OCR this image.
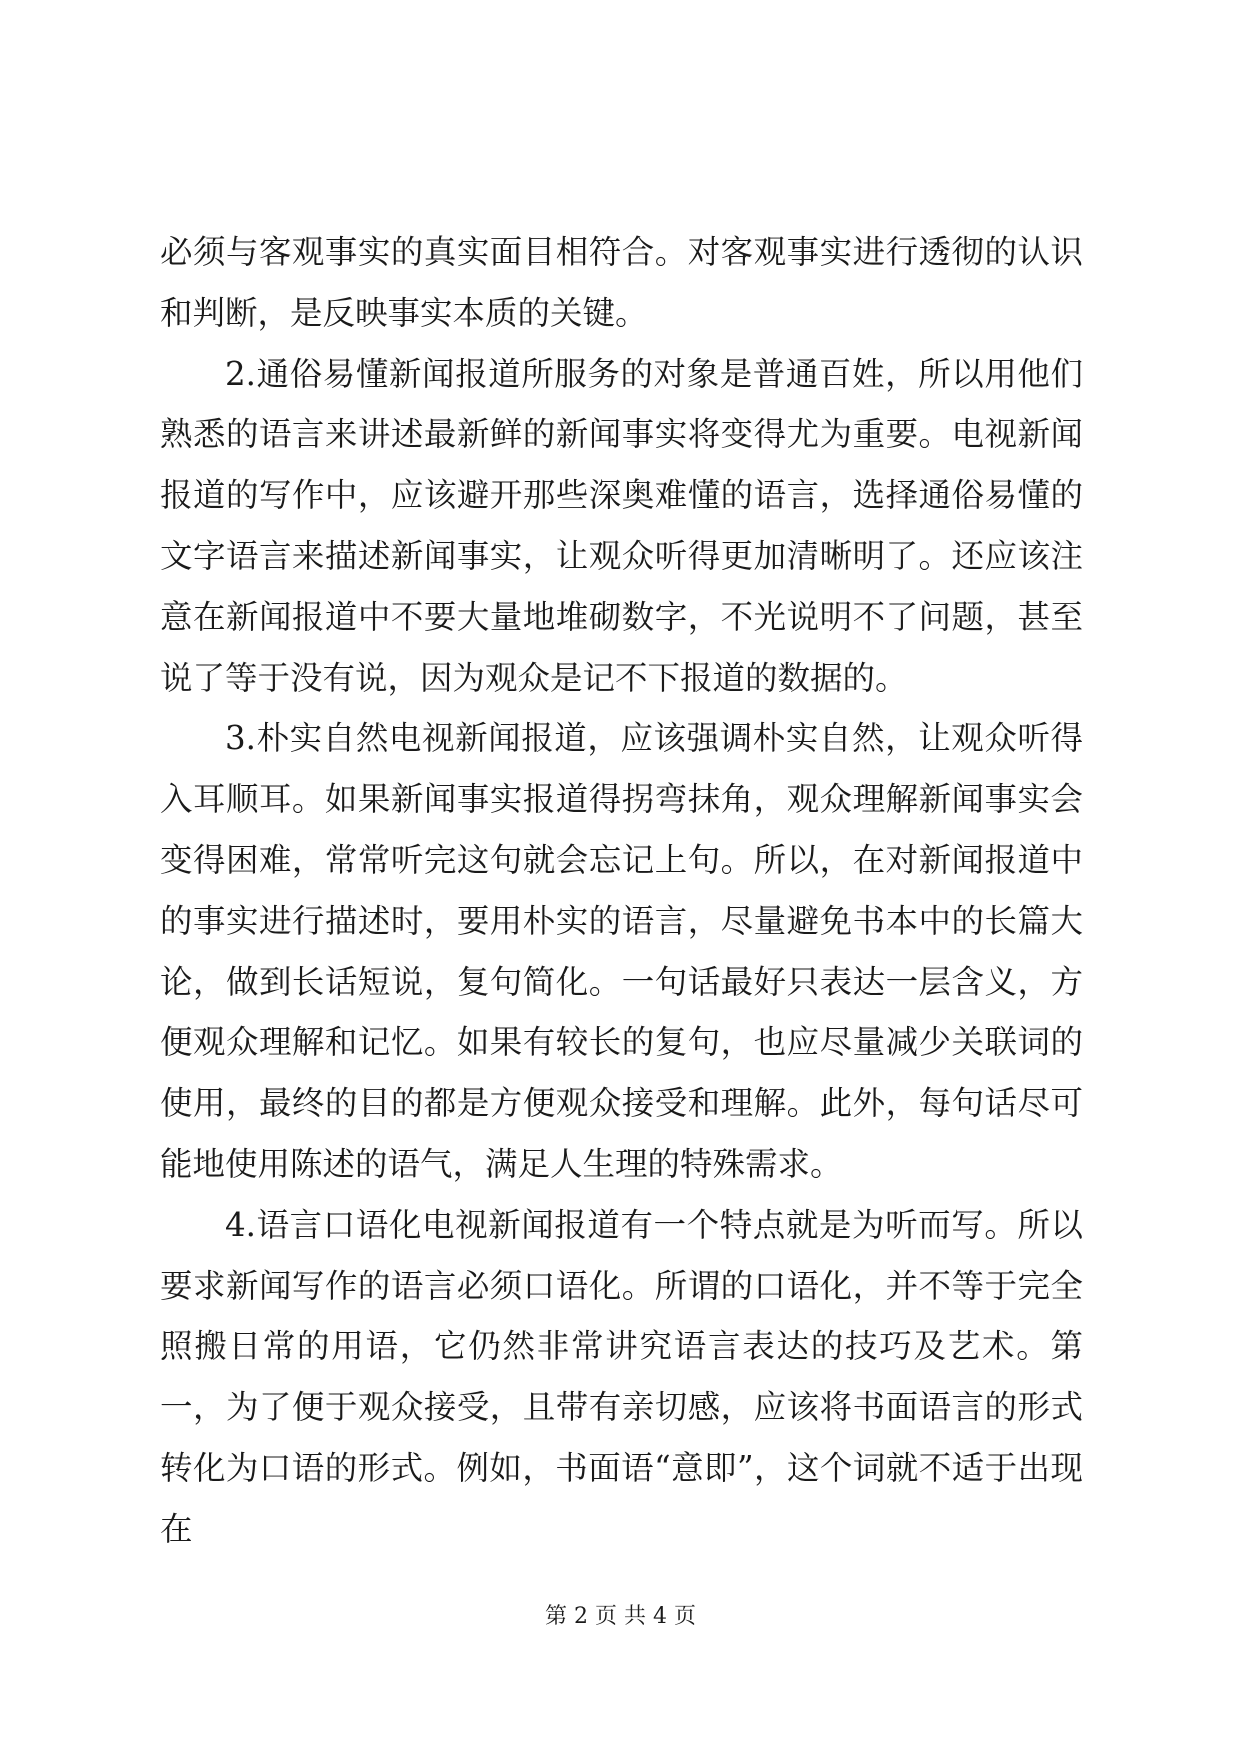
必须与客观事实的真实面目相符合。对客观事实进行透彻的认识和判断，是反映事实本质的关键。

2.通俗易懂新闻报道所服务的对象是普通百姓，所以用他们熟悉的语言来讲述最新鲜的新闻事实将变得尤为重要。电视新闻报道的写作中，应该避开那些深奥难懂的语言，选择通俗易懂的文字语言来描述新闻事实，让观众听得更加清晰明了。还应该注意在新闻报道中不要大量地堆砌数字，不光说明不了问题，甚至说了等于没有说，因为观众是记不下报道的数据的。

3.朴实自然电视新闻报道，应该强调朴实自然，让观众听得入耳顺耳。如果新闻事实报道得拐弯抹角，观众理解新闻事实会变得困难，常常听完这句就会忘记上句。所以，在对新闻报道中的事实进行描述时，要用朴实的语言，尽量避免书本中的长篇大论，做到长话短说，复句简化。一句话最好只表达一层含义，方便观众理解和记忆。如果有较长的复句，也应尽量减少关联词的使用，最终的目的都是方便观众接受和理解。此外，每句话尽可能地使用陈述的语气，满足人生理的特殊需求。

4.语言口语化电视新闻报道有一个特点就是为听而写。所以要求新闻写作的语言必须口语化。所谓的口语化，并不等于完全照搬日常的用语，它仍然非常讲究语言表达的技巧及艺术。第一，为了便于观众接受，且带有亲切感，应该将书面语言的形式转化为口语的形式。例如，书面语“意即”，这个词就不适于出现在

第 2 页 共 4 页
